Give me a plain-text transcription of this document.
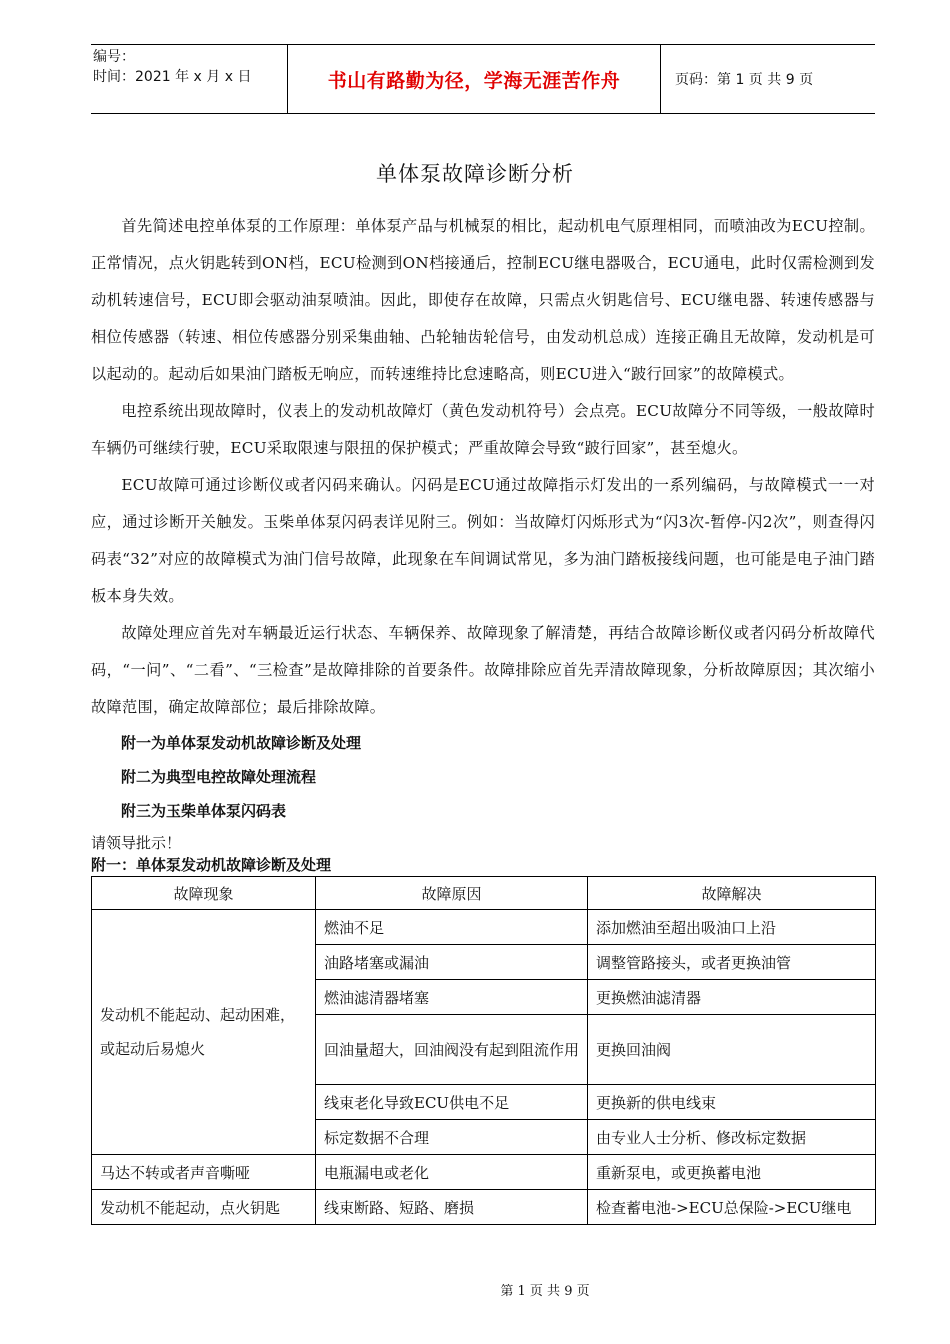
编号：
时间：2021 年 x 月 x 日	书山有路勤为径，学海无涯苦作舟	页码：第 1 页 共 9 页
单体泵故障诊断分析

首先简述电控单体泵的工作原理：单体泵产品与机械泵的相比，起动机电气原理相同，而喷油改为ECU控制。正常情况，点火钥匙转到ON档，ECU检测到ON档接通后，控制ECU继电器吸合，ECU通电，此时仅需检测到发动机转速信号，ECU即会驱动油泵喷油。因此，即使存在故障，只需点火钥匙信号、ECU继电器、转速传感器与相位传感器（转速、相位传感器分别采集曲轴、凸轮轴齿轮信号，由发动机总成）连接正确且无故障，发动机是可以起动的。起动后如果油门踏板无响应，而转速维持比怠速略高，则ECU进入“跛行回家”的故障模式。

电控系统出现故障时，仪表上的发动机故障灯（黄色发动机符号）会点亮。ECU故障分不同等级，一般故障时车辆仍可继续行驶，ECU采取限速与限扭的保护模式；严重故障会导致“跛行回家”，甚至熄火。

ECU故障可通过诊断仪或者闪码来确认。闪码是ECU通过故障指示灯发出的一系列编码，与故障模式一一对应，通过诊断开关触发。玉柴单体泵闪码表详见附三。例如：当故障灯闪烁形式为“闪3次-暂停-闪2次”，则查得闪码表“32”对应的故障模式为油门信号故障，此现象在车间调试常见，多为油门踏板接线问题，也可能是电子油门踏板本身失效。

故障处理应首先对车辆最近运行状态、车辆保养、故障现象了解清楚，再结合故障诊断仪或者闪码分析故障代码，“一问”、“二看”、“三检查”是故障排除的首要条件。故障排除应首先弄清故障现象，分析故障原因；其次缩小故障范围，确定故障部位；最后排除故障。

附一为单体泵发动机故障诊断及处理

附二为典型电控故障处理流程

附三为玉柴单体泵闪码表

请领导批示！

附一：单体泵发动机故障诊断及处理

故障现象	故障原因	故障解决
发动机不能起动、起动困难，或起动后易熄火	燃油不足	添加燃油至超出吸油口上沿
	油路堵塞或漏油	调整管路接头，或者更换油管
	燃油滤清器堵塞	更换燃油滤清器
	回油量超大，回油阀没有起到阻流作用	更换回油阀
	线束老化导致ECU供电不足	更换新的供电线束
	标定数据不合理	由专业人士分析、修改标定数据
马达不转或者声音嘶哑	电瓶漏电或老化	重新泵电，或更换蓄电池
发动机不能起动，点火钥匙	线束断路、短路、磨损	检查蓄电池->ECU总保险->ECU继电
第 1 页 共 9 页
